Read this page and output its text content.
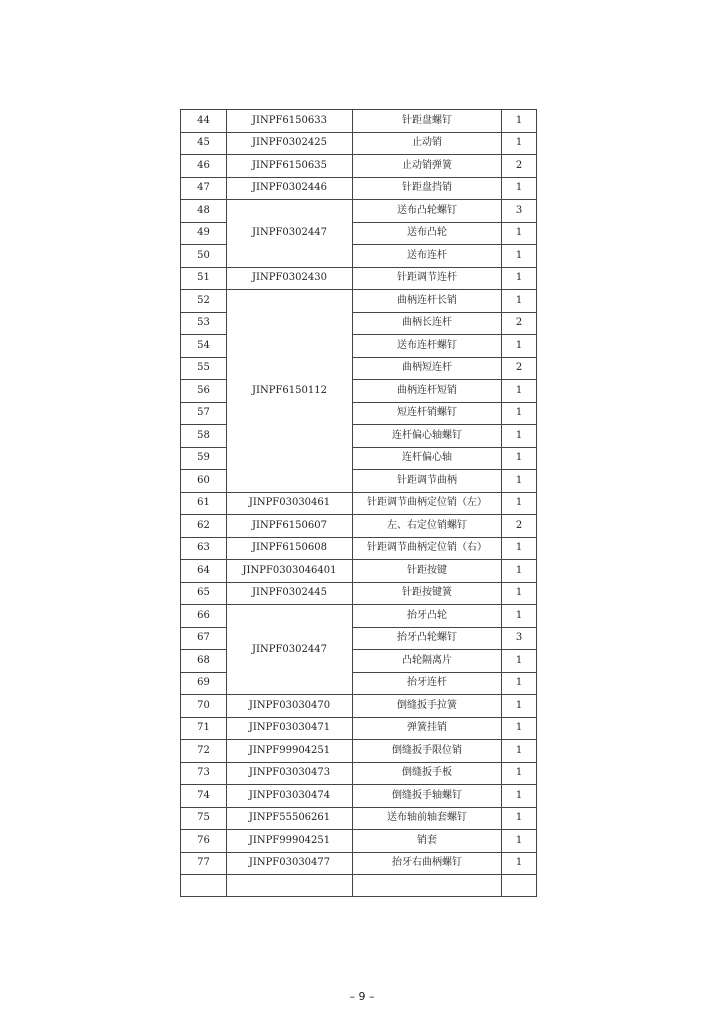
44	JINPF6150633	针距盘螺钉	1
45	JINPF0302425	止动销	1
46	JINPF6150635	止动销弹簧	2
47	JINPF0302446	针距盘挡销	1
48	JINPF0302447	送布凸轮螺钉	3
49		送布凸轮	1
50		送布连杆	1
51	JINPF0302430	针距调节连杆	1
52	JINPF6150112	曲柄连杆长销	1
53		曲柄长连杆	2
54		送布连杆螺钉	1
55		曲柄短连杆	2
56		曲柄连杆短销	1
57		短连杆销螺钉	1
58		连杆偏心轴螺钉	1
59		连杆偏心轴	1
60		针距调节曲柄	1
61	JINPF03030461	针距调节曲柄定位销（左）	1
62	JINPF6150607	左、右定位销螺钉	2
63	JINPF6150608	针距调节曲柄定位销（右）	1
64	JINPF0303046401	针距按键	1
65	JINPF0302445	针距按键簧	1
66	JINPF0302447	抬牙凸轮	1
67		抬牙凸轮螺钉	3
68		凸轮隔离片	1
69		抬牙连杆	1
70	JINPF03030470	倒缝扳手拉簧	1
71	JINPF03030471	弹簧挂销	1
72	JINPF99904251	倒缝扳手限位销	1
73	JINPF03030473	倒缝扳手板	1
74	JINPF03030474	倒缝扳手轴螺钉	1
75	JINPF55506261	送布轴前轴套螺钉	1
76	JINPF99904251	销套	1
77	JINPF03030477	抬牙右曲柄螺钉	1

– 9 –
